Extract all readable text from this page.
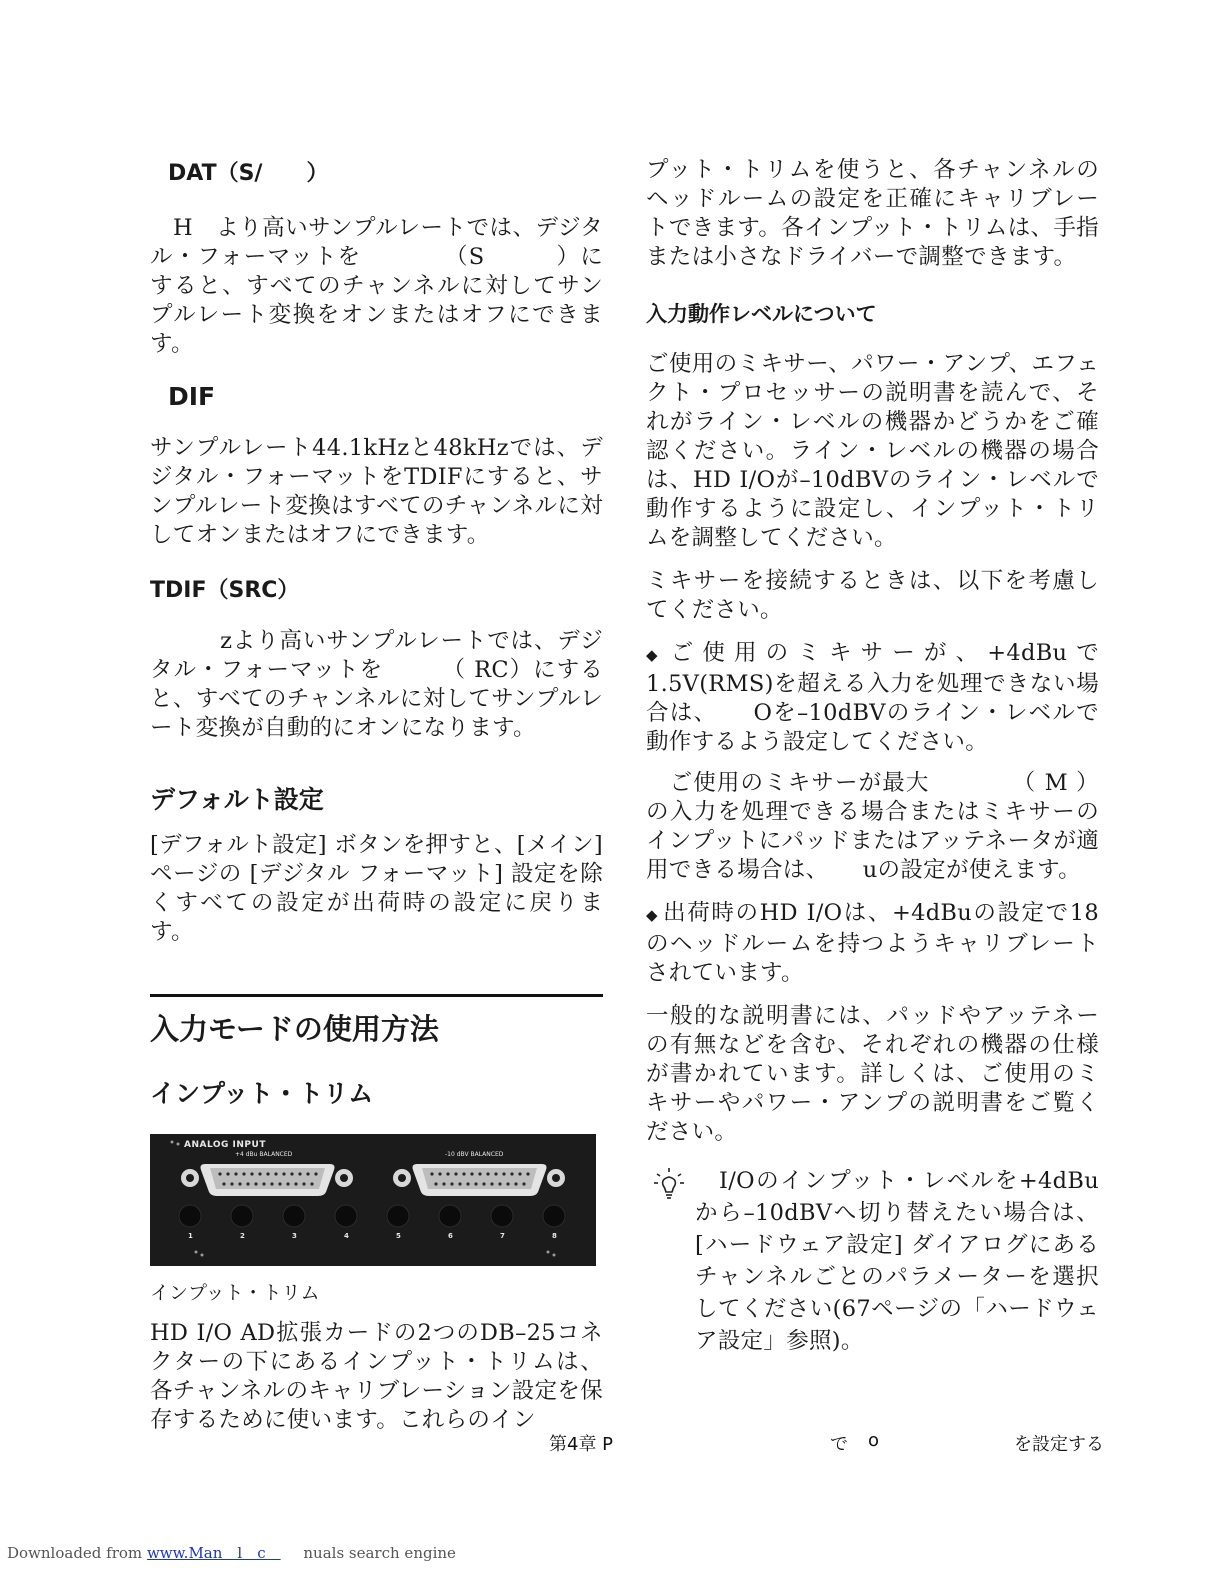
DAT（S/　　）

　H　より高いサンプルレートでは、デジタル・フォーマットを　　　　（S　　　）にすると、すべてのチャンネルに対してサンプルレート変換をオンまたはオフにできます。

DIF

サンプルレート44.1kHzと48kHzでは、デジタル・フォーマットをTDIFにすると、サンプルレート変換はすべてのチャンネルに対してオンまたはオフにできます。

TDIF（SRC）

　　　zより高いサンプルレートでは、デジタル・フォーマットを　　　（ RC）にすると、すべてのチャンネルに対してサンプルレート変換が自動的にオンになります。

デフォルト設定

[デフォルト設定] ボタンを押すと、[メイン] ページの [デジタル フォーマット] 設定を除くすべての設定が出荷時の設定に戻ります。

入力モードの使用方法
インプット・トリム
ANALOG INPUT
+4 dBu BALANCED	-10 dBV BALANCED
1	2	3	4	5	6	7	8

インプット・トリム

HD I/O AD拡張カードの2つのDB–25コネクターの下にあるインプット・トリムは、各チャンネルのキャリブレーション設定を保存するために使います。これらのイン

プット・トリムを使うと、各チャンネルのヘッドルームの設定を正確にキャリブレートできます。各インプット・トリムは、手指または小さなドライバーで調整できます。

入力動作レベルについて

ご使用のミキサー、パワー・アンプ、エフェクト・プロセッサーの説明書を読んで、それがライン・レベルの機器かどうかをご確認ください。ライン・レベルの機器の場合は、HD I/Oが–10dBVのライン・レベルで動作するように設定し、インプット・トリムを調整してください。

ミキサーを接続するときは、以下を考慮してください。

◆ ご使用のミキサーが、+4dBuで1.5V(RMS)を超える入力を処理できない場合は、　　Oを–10dBVのライン・レベルで動作するよう設定してください。

　ご使用のミキサーが最大　　　　（ M ）の入力を処理できる場合またはミキサーのインプットにパッドまたはアッテネータが適用できる場合は、　　uの設定が使えます。

◆ 出荷時のHD I/Oは、+4dBuの設定で18のヘッドルームを持つようキャリブレートされています。

一般的な説明書には、パッドやアッテネーの有無などを含む、それぞれの機器の仕様が書かれています。詳しくは、ご使用のミキサーやパワー・アンプの説明書をご覧ください。

　I/Oのインプット・レベルを+4dBuから–10dBVへ切り替えたい場合は、[ハードウェア設定] ダイアログにあるチャンネルごとのパラメーターを選択してください(67ページの「ハードウェア設定」参照)。

第4章 P	で o	を設定する
Downloaded from www.Man　l　c　 nuals search engine
